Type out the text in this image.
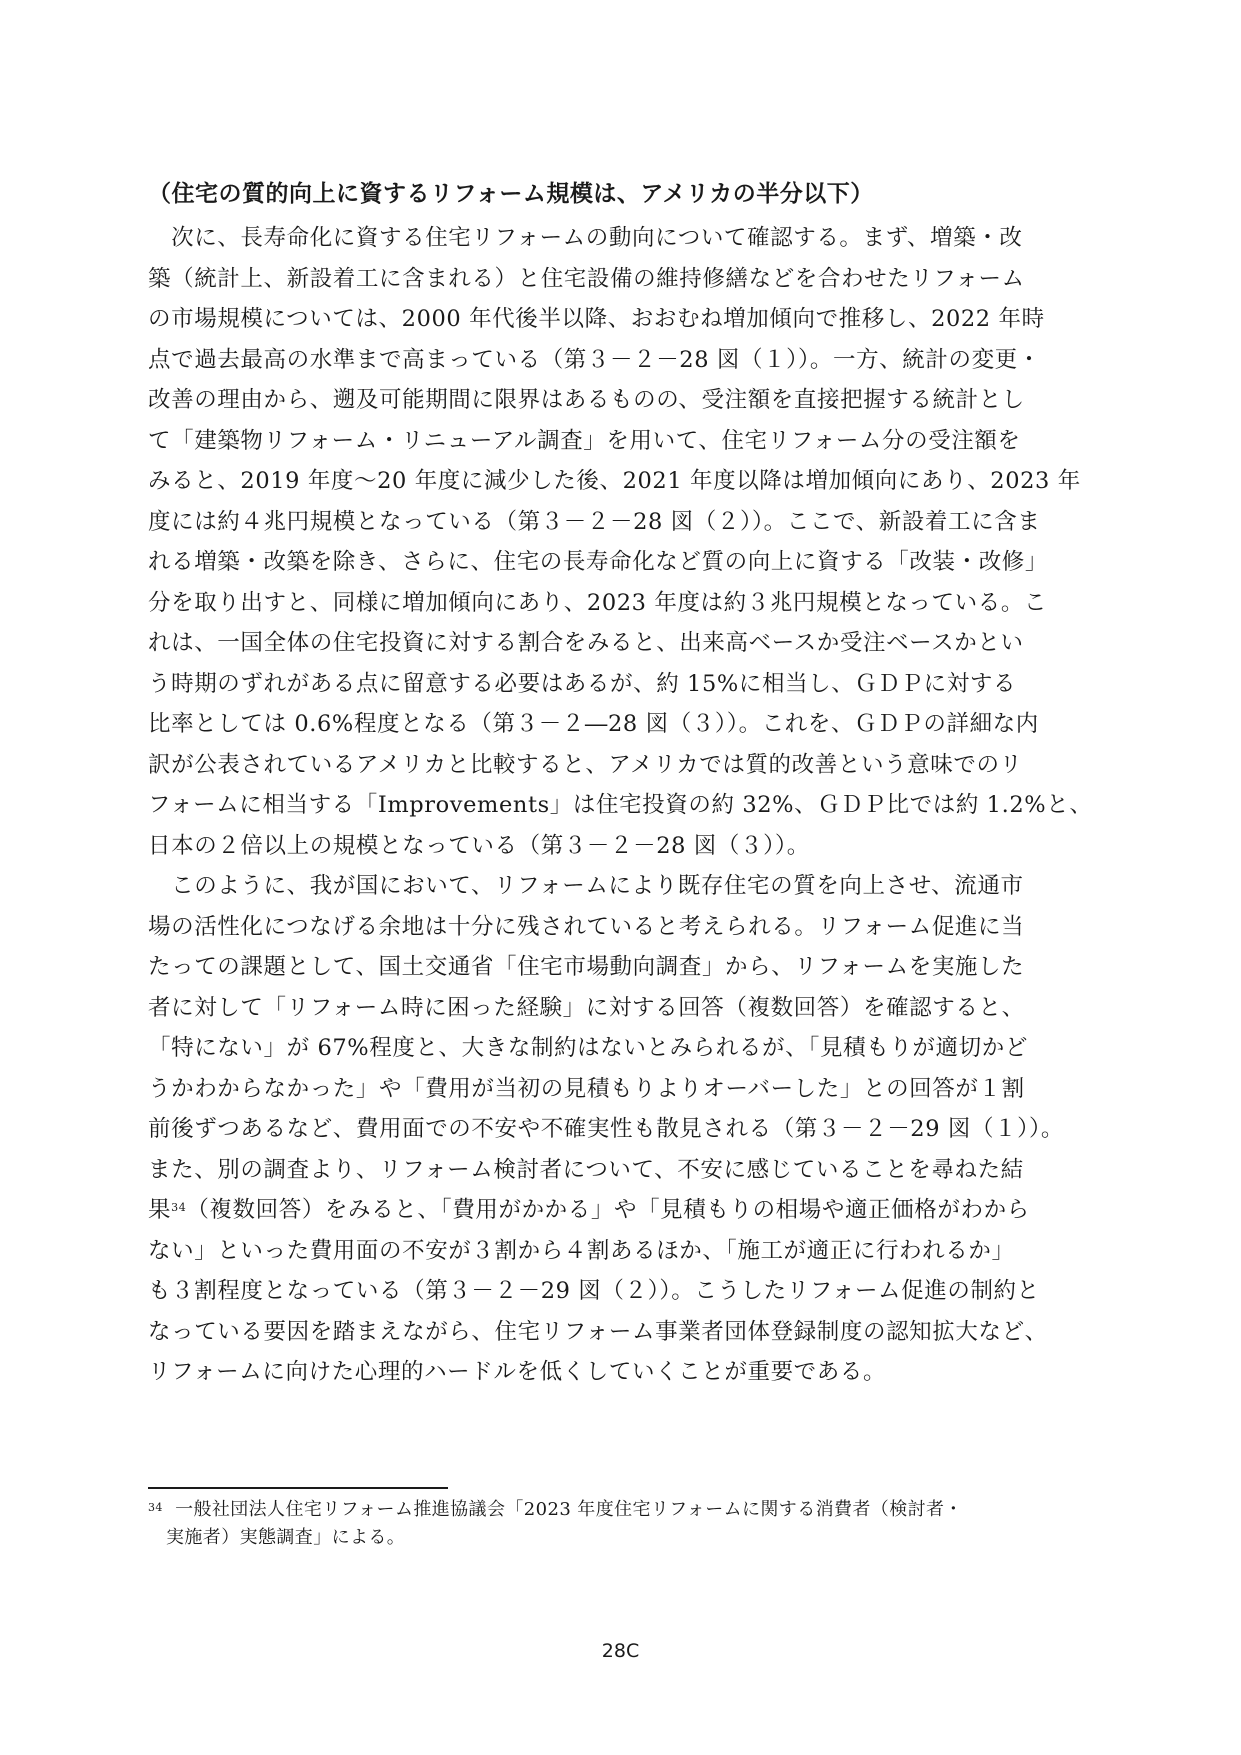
（住宅の質的向上に資するリフォーム規模は、アメリカの半分以下）
　次に、長寿命化に資する住宅リフォームの動向について確認する。まず、増築・改
築（統計上、新設着工に含まれる）と住宅設備の維持修繕などを合わせたリフォーム
の市場規模については、2000 年代後半以降、おおむね増加傾向で推移し、2022 年時
点で過去最高の水準まで高まっている（第３－２－28 図（１））。一方、統計の変更・
改善の理由から、遡及可能期間に限界はあるものの、受注額を直接把握する統計とし
て「建築物リフォーム・リニューアル調査」を用いて、住宅リフォーム分の受注額を
みると、2019 年度～20 年度に減少した後、2021 年度以降は増加傾向にあり、2023 年
度には約４兆円規模となっている（第３－２－28 図（２））。ここで、新設着工に含ま
れる増築・改築を除き、さらに、住宅の長寿命化など質の向上に資する「改装・改修」
分を取り出すと、同様に増加傾向にあり、2023 年度は約３兆円規模となっている。こ
れは、一国全体の住宅投資に対する割合をみると、出来高ベースか受注ベースかとい
う時期のずれがある点に留意する必要はあるが、約 15%に相当し、ＧＤＰに対する
比率としては 0.6%程度となる（第３－２―28 図（３））。これを、ＧＤＰの詳細な内
訳が公表されているアメリカと比較すると、アメリカでは質的改善という意味でのリ
フォームに相当する「Improvements」は住宅投資の約 32%、ＧＤＰ比では約 1.2%と、
日本の２倍以上の規模となっている（第３－２－28 図（３））。
　このように、我が国において、リフォームにより既存住宅の質を向上させ、流通市
場の活性化につなげる余地は十分に残されていると考えられる。リフォーム促進に当
たっての課題として、国土交通省「住宅市場動向調査」から、リフォームを実施した
者に対して「リフォーム時に困った経験」に対する回答（複数回答）を確認すると、
「特にない」が 67%程度と、大きな制約はないとみられるが、「見積もりが適切かど
うかわからなかった」や「費用が当初の見積もりよりオーバーした」との回答が１割
前後ずつあるなど、費用面での不安や不確実性も散見される（第３－２－29 図（１））。
また、別の調査より、リフォーム検討者について、不安に感じていることを尋ねた結
果$^{34}$（複数回答）をみると、「費用がかかる」や「見積もりの相場や適正価格がわから
ない」といった費用面の不安が３割から４割あるほか、「施工が適正に行われるか」
も３割程度となっている（第３－２－29 図（２））。こうしたリフォーム促進の制約と
なっている要因を踏まえながら、住宅リフォーム事業者団体登録制度の認知拡大など、
リフォームに向けた心理的ハードルを低くしていくことが重要である。
$^{34}$ 一般社団法人住宅リフォーム推進協議会「2023 年度住宅リフォームに関する消費者（検討者・
実施者）実態調査」による。
28C
